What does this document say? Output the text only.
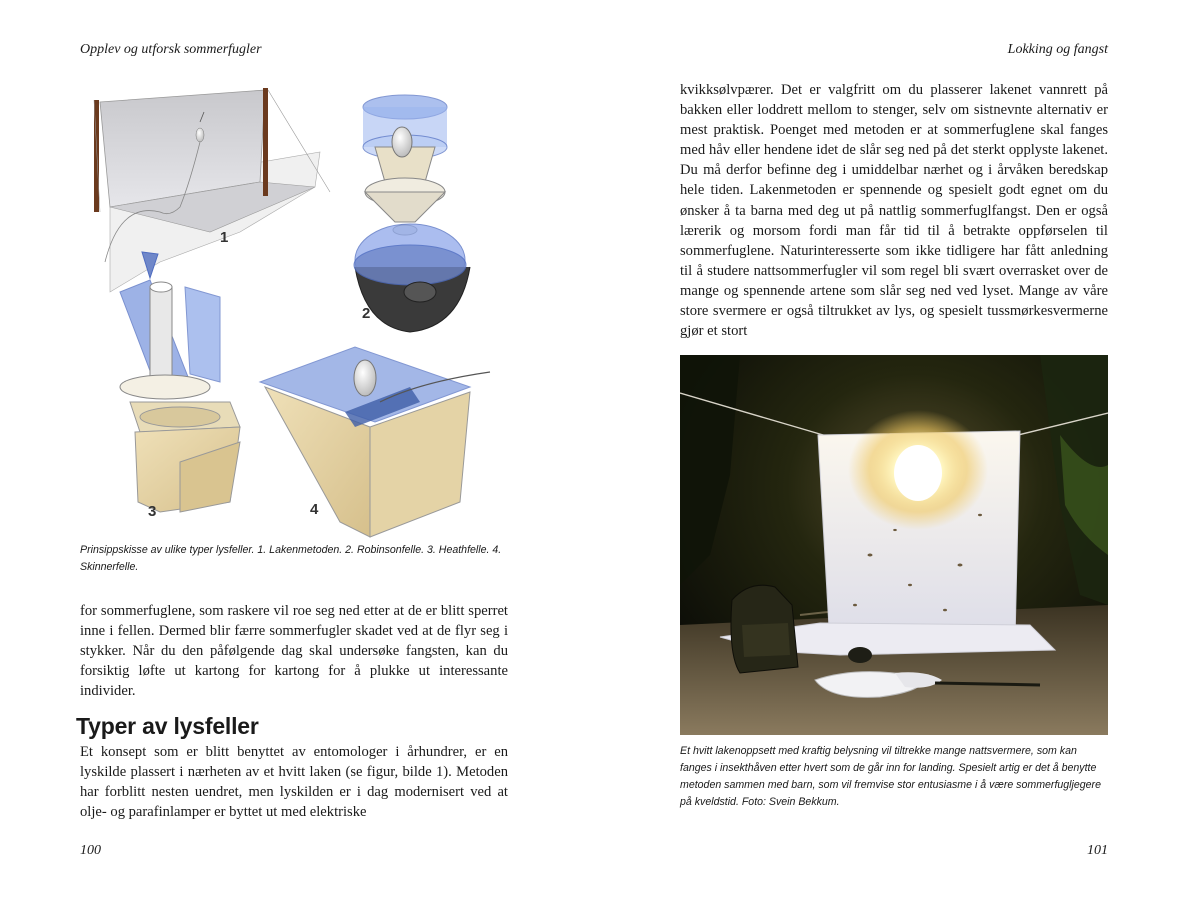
Opplev og utforsk sommerfugler
1
2
3	4
Prinsippskisse av ulike typer lysfeller. 1. Lakenmetoden. 2. Robinsonfelle. 3. Heathfelle. 4. Skinnerfelle.

for sommerfuglene, som raskere vil roe seg ned etter at de er blitt sperret inne i fellen. Dermed blir færre sommerfugler skadet ved at de flyr seg i stykker. Når du den påfølgende dag skal undersøke fangsten, kan du forsiktig løfte ut kartong for kartong for å plukke ut interessante individer.

Typer av lysfeller

Et konsept som er blitt benyttet av entomologer i århundrer, er en lyskilde plassert i nærheten av et hvitt laken (se figur, bilde 1). Metoden har forblitt nesten uendret, men lyskilden er i dag modernisert ved at olje- og parafinlamper er byttet ut med elektriske

100
Lokking og fangst

kvikksølvpærer. Det er valgfritt om du plasserer lakenet vannrett på bakken eller loddrett mellom to stenger, selv om sistnevnte alternativ er mest praktisk. Poenget med metoden er at sommerfuglene skal fanges med håv eller hendene idet de slår seg ned på det sterkt opplyste lakenet. Du må derfor befinne deg i umiddelbar nærhet og i årvåken beredskap hele tiden. Lakenmetoden er spennende og spesielt godt egnet om du ønsker å ta barna med deg ut på nattlig sommerfuglfangst. Den er også lærerik og morsom fordi man får tid til å betrakte oppførselen til sommerfuglene. Naturinteresserte som ikke tidligere har fått anledning til å studere nattsommerfugler vil som regel bli svært overrasket over de mange og spennende artene som slår seg ned ved lyset. Mange av våre store svermere er også tiltrukket av lys, og spesielt tussmørkesvermerne gjør et stort

Et hvitt lakenoppsett med kraftig belysning vil tiltrekke mange nattsvermere, som kan fanges i insekthåven etter hvert som de går inn for landing. Spesielt artig er det å benytte metoden sammen med barn, som vil fremvise stor entusiasme i å være sommerfugljegere på kveldstid. Foto: Svein Bekkum.
101
